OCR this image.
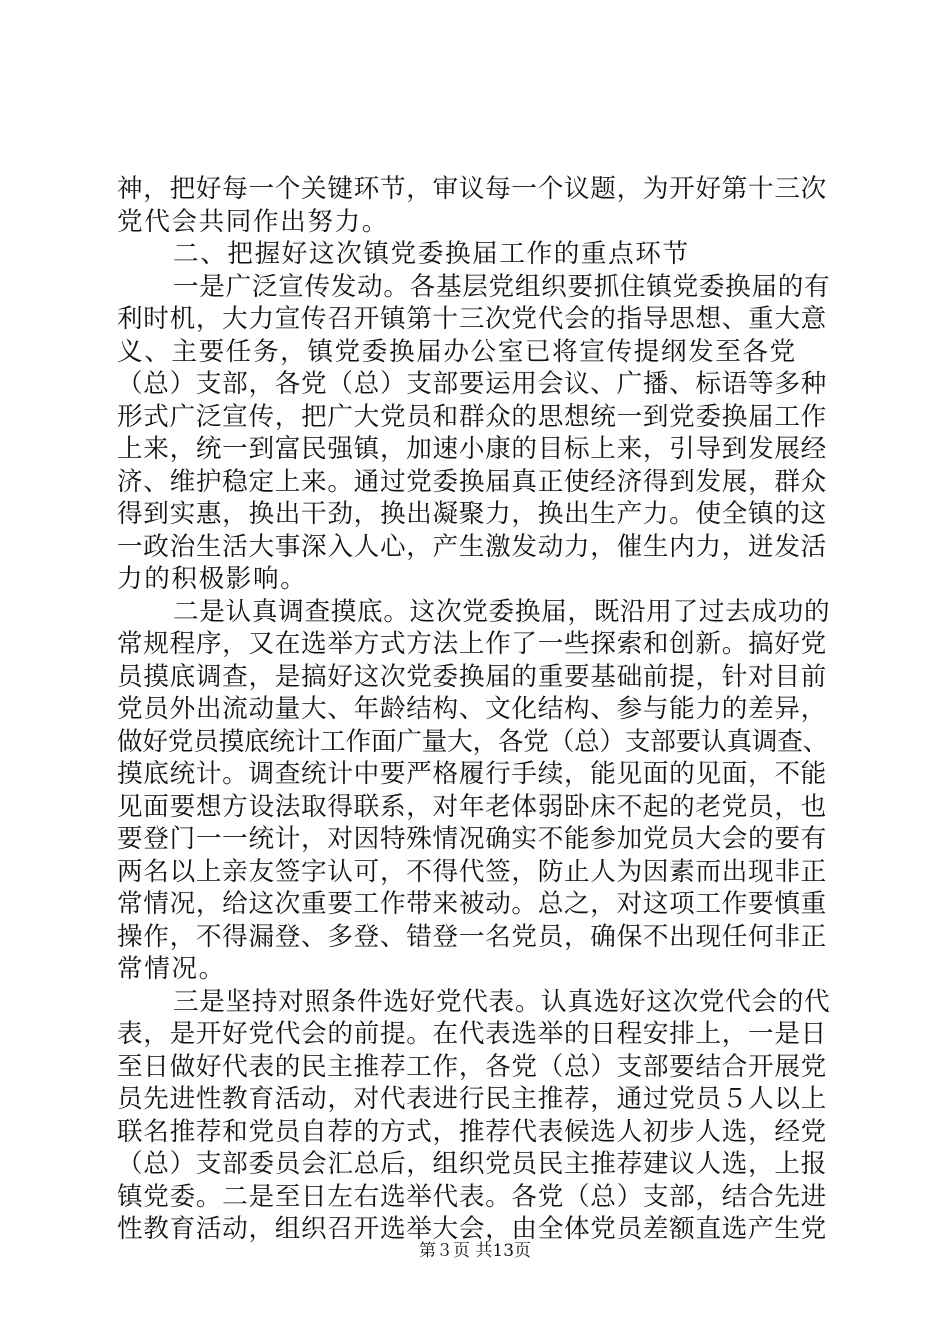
神，把好每一个关键环节，审议每一个议题，为开好第十三次
党代会共同作出努力。
二、把握好这次镇党委换届工作的重点环节
一是广泛宣传发动。各基层党组织要抓住镇党委换届的有
利时机，大力宣传召开镇第十三次党代会的指导思想、重大意
义、主要任务，镇党委换届办公室已将宣传提纲发至各党
（总）支部，各党（总）支部要运用会议、广播、标语等多种
形式广泛宣传，把广大党员和群众的思想统一到党委换届工作
上来，统一到富民强镇，加速小康的目标上来，引导到发展经
济、维护稳定上来。通过党委换届真正使经济得到发展，群众
得到实惠，换出干劲，换出凝聚力，换出生产力。使全镇的这
一政治生活大事深入人心，产生激发动力，催生内力，迸发活
力的积极影响。
二是认真调查摸底。这次党委换届，既沿用了过去成功的
常规程序，又在选举方式方法上作了一些探索和创新。搞好党
员摸底调查，是搞好这次党委换届的重要基础前提，针对目前
党员外出流动量大、年龄结构、文化结构、参与能力的差异，
做好党员摸底统计工作面广量大，各党（总）支部要认真调查、
摸底统计。调查统计中要严格履行手续，能见面的见面，不能
见面要想方设法取得联系，对年老体弱卧床不起的老党员，也
要登门一一统计，对因特殊情况确实不能参加党员大会的要有
两名以上亲友签字认可，不得代签，防止人为因素而出现非正
常情况，给这次重要工作带来被动。总之，对这项工作要慎重
操作，不得漏登、多登、错登一名党员，确保不出现任何非正
常情况。
三是坚持对照条件选好党代表。认真选好这次党代会的代
表，是开好党代会的前提。在代表选举的日程安排上，一是日
至日做好代表的民主推荐工作，各党（总）支部要结合开展党
员先进性教育活动，对代表进行民主推荐，通过党员５人以上
联名推荐和党员自荐的方式，推荐代表候选人初步人选，经党
（总）支部委员会汇总后，组织党员民主推荐建议人选，上报
镇党委。二是至日左右选举代表。各党（总）支部，结合先进
性教育活动，组织召开选举大会，由全体党员差额直选产生党
第３页 共13页
